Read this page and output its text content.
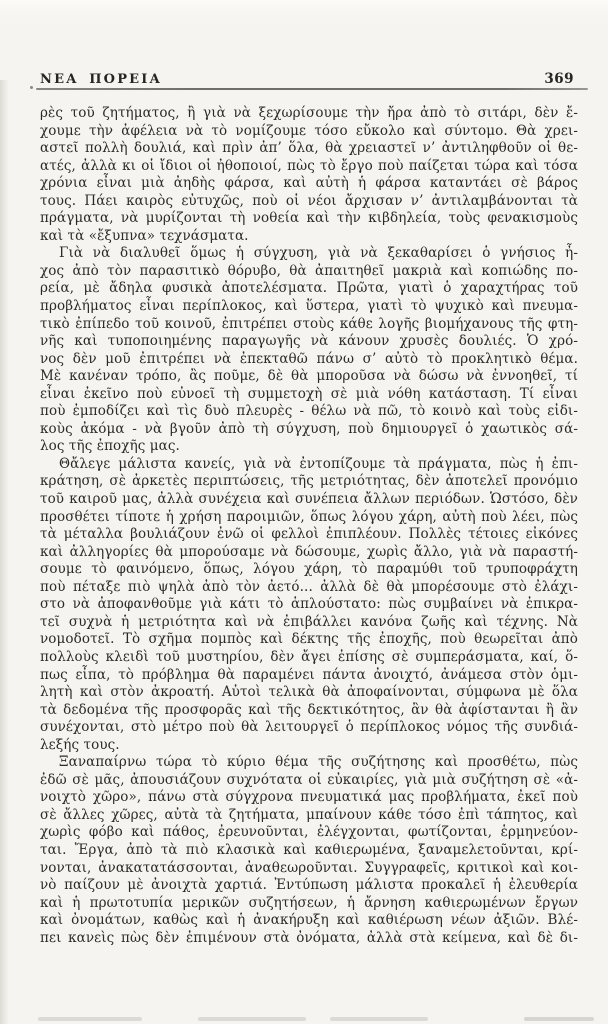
ΝΕΑ ΠΟΡΕΙΑ	369
ρὲς τοῦ ζητήματος, ἢ γιὰ νὰ ξεχωρίσουμε τὴν ἤρα ἀπὸ τὸ σιτάρι, δὲν ἔ-
χουμε τὴν ἀφέλεια νὰ τὸ νομίζουμε τόσο εὔκολο καὶ σύντομο. Θὰ χρει-
αστεῖ πολλὴ δουλιά, καὶ πρὶν ἀπ’ ὅλα, θὰ χρειαστεῖ ν’ ἀντιληφθοῦν οἱ θε-
ατές, ἀλλὰ κι οἱ ἴδιοι οἱ ἠθοποιοί, πὼς τὸ ἔργο ποὺ παίζεται τώρα καὶ τόσα
χρόνια εἶναι μιὰ ἀηδὴς φάρσα, καὶ αὐτὴ ἡ φάρσα καταντάει σὲ βάρος
τους. Πάει καιρὸς εὐτυχῶς, ποὺ οἱ νέοι ἄρχισαν ν’ ἀντιλαμβάνονται τὰ
πράγματα, νὰ μυρίζονται τὴ νοθεία καὶ τὴν κιβδηλεία, τοὺς φενακισμοὺς
καὶ τὰ «ἔξυπνα» τεχνάσματα.
Γιὰ νὰ διαλυθεῖ ὅμως ἡ σύγχυση, γιὰ νὰ ξεκαθαρίσει ὁ γνήσιος ἦ-
χος ἀπὸ τὸν παρασιτικὸ θόρυβο, θὰ ἀπαιτηθεῖ μακριὰ καὶ κοπιώδης πο-
ρεία, μὲ ἄδηλα φυσικὰ ἀποτελέσματα. Πρῶτα, γιατὶ ὁ χαραχτήρας τοῦ
προβλήματος εἶναι περίπλοκος, καὶ ὕστερα, γιατὶ τὸ ψυχικὸ καὶ πνευμα-
τικὸ ἐπίπεδο τοῦ κοινοῦ, ἐπιτρέπει στοὺς κάθε λογῆς βιομήχανους τῆς φτη-
νῆς καὶ τυποποιημένης παραγωγῆς νὰ κάνουν χρυσὲς δουλιές. Ὁ χρό-
νος δὲν μοῦ ἐπιτρέπει νὰ ἐπεκταθῶ πάνω σ’ αὐτὸ τὸ προκλητικὸ θέμα.
Μὲ κανέναν τρόπο, ἂς ποῦμε, δὲ θὰ μποροῦσα νὰ δώσω νὰ ἐννοηθεῖ, τί
εἶναι ἐκεῖνο ποὺ εὐνοεῖ τὴ συμμετοχὴ σὲ μιὰ νόθη κατάσταση. Τί εἶναι
ποὺ ἐμποδίζει καὶ τὶς δυὸ πλευρὲς - θέλω νὰ πῶ, τὸ κοινὸ καὶ τοὺς εἰδι-
κοὺς ἀκόμα - νὰ βγοῦν ἀπὸ τὴ σύγχυση, ποὺ δημιουργεῖ ὁ χαωτικὸς σά-
λος τῆς ἐποχῆς μας.
Θἄλεγε μάλιστα κανείς, γιὰ νὰ ἐντοπίζουμε τὰ πράγματα, πὼς ἡ ἐπι-
κράτηση, σὲ ἀρκετὲς περιπτώσεις, τῆς μετριότητας, δὲν ἀποτελεῖ προνόμιο
τοῦ καιροῦ μας, ἀλλὰ συνέχεια καὶ συνέπεια ἄλλων περιόδων. Ὡστόσο, δὲν
προσθέτει τίποτε ἡ χρήση παροιμιῶν, ὅπως λόγου χάρη, αὐτὴ ποὺ λέει, πὼς
τὰ μέταλλα βουλιάζουν ἐνῶ οἱ φελλοὶ ἐπιπλέουν. Πολλὲς τέτοιες εἰκόνες
καὶ ἀλληγορίες θὰ μπορούσαμε νὰ δώσουμε, χωρὶς ἄλλο, γιὰ νὰ παραστή-
σουμε τὸ φαινόμενο, ὅπως, λόγου χάρη, τὸ παραμύθι τοῦ τρυποφράχτη
ποὺ πέταξε πιὸ ψηλὰ ἀπὸ τὸν ἀετό... ἀλλὰ δὲ θὰ μπορέσουμε στὸ ἐλάχι-
στο νὰ ἀποφανθοῦμε γιὰ κάτι τὸ ἁπλούστατο: πὼς συμβαίνει νὰ ἐπικρα-
τεῖ συχνὰ ἡ μετριότητα καὶ νὰ ἐπιβάλλει κανόνα ζωῆς καὶ τέχνης. Νὰ
νομοδοτεῖ. Τὸ σχῆμα πομπὸς καὶ δέκτης τῆς ἐποχῆς, ποὺ θεωρεῖται ἀπὸ
πολλοὺς κλειδὶ τοῦ μυστηρίου, δὲν ἄγει ἐπίσης σὲ συμπεράσματα, καί, ὅ-
πως εἶπα, τὸ πρόβλημα θὰ παραμένει πάντα ἀνοιχτό, ἀνάμεσα στὸν ὁμι-
λητὴ καὶ στὸν ἀκροατή. Αὐτοὶ τελικὰ θὰ ἀποφαίνονται, σύμφωνα μὲ ὅλα
τὰ δεδομένα τῆς προσφορᾶς καὶ τῆς δεκτικότητος, ἂν θὰ ἀφίστανται ἢ ἂν
συνέχονται, στὸ μέτρο ποὺ θὰ λειτουργεῖ ὁ περίπλοκος νόμος τῆς συνδιά-
λεξής τους.
Ξαναπαίρνω τώρα τὸ κύριο θέμα τῆς συζήτησης καὶ προσθέτω, πὼς
ἐδῶ σὲ μᾶς, ἀπουσιάζουν συχνότατα οἱ εὐκαιρίες, γιὰ μιὰ συζήτηση σὲ «ἀ-
νοιχτὸ χῶρο», πάνω στὰ σύγχρονα πνευματικά μας προβλήματα, ἐκεῖ ποὺ
σὲ ἄλλες χῶρες, αὐτὰ τὰ ζητήματα, μπαίνουν κάθε τόσο ἐπὶ τάπητος, καὶ
χωρὶς φόβο καὶ πάθος, ἐρευνοῦνται, ἐλέγχονται, φωτίζονται, ἑρμηνεύον-
ται. Ἔργα, ἀπὸ τὰ πιὸ κλασικὰ καὶ καθιερωμένα, ξαναμελετοῦνται, κρί-
νονται, ἀνακατατάσσονται, ἀναθεωροῦνται. Συγγραφεῖς, κριτικοὶ καὶ κοι-
νὸ παίζουν μὲ ἀνοιχτὰ χαρτιά. Ἐντύπωση μάλιστα προκαλεῖ ἡ ἐλευθερία
καὶ ἡ πρωτοτυπία μερικῶν συζητήσεων, ἡ ἄρνηση καθιερωμένων ἔργων
καὶ ὀνομάτων, καθὼς καὶ ἡ ἀνακήρυξη καὶ καθιέρωση νέων ἀξιῶν. Βλέ-
πει κανεὶς πὼς δὲν ἐπιμένουν στὰ ὀνόματα, ἀλλὰ στὰ κείμενα, καὶ δὲ δι-
